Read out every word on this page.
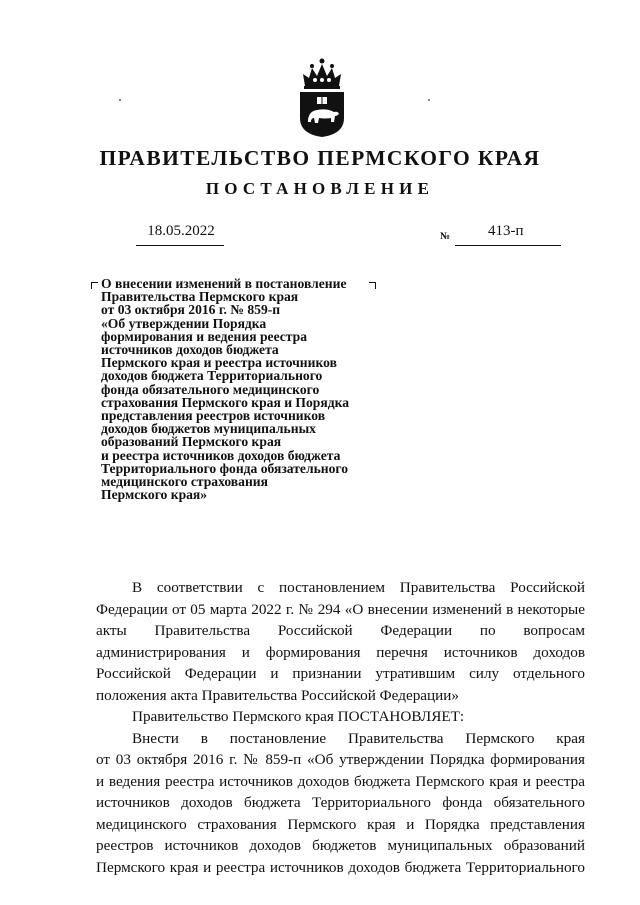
ПРАВИТЕЛЬСТВО ПЕРМСКОГО КРАЯ
ПОСТАНОВЛЕНИЕ
18.05.2022	№	413-п
О внесении изменений в постановление
Правительства Пермского края
от 03 октября 2016 г. № 859-п
«Об утверждении Порядка
формирования и ведения реестра
источников доходов бюджета
Пермского края и реестра источников
доходов бюджета Территориального
фонда обязательного медицинского
страхования Пермского края и Порядка
представления реестров источников
доходов бюджетов муниципальных
образований Пермского края
и реестра источников доходов бюджета
Территориального фонда обязательного
медицинского страхования
Пермского края»

В соответствии с постановлением Правительства Российской

Федерации от 05 марта 2022 г. № 294 «О внесении изменений в некоторые

акты Правительства Российской Федерации по вопросам

администрирования и формирования перечня источников доходов

Российской Федерации и признании утратившим силу отдельного

положения акта Правительства Российской Федерации»

Правительство Пермского края ПОСТАНОВЛЯЕТ:

Внести в постановление Правительства Пермского края

от 03 октября 2016 г. № 859-п «Об утверждении Порядка формирования

и ведения реестра источников доходов бюджета Пермского края и реестра

источников доходов бюджета Территориального фонда обязательного

медицинского страхования Пермского края и Порядка представления

реестров источников доходов бюджетов муниципальных образований

Пермского края и реестра источников доходов бюджета Территориального
